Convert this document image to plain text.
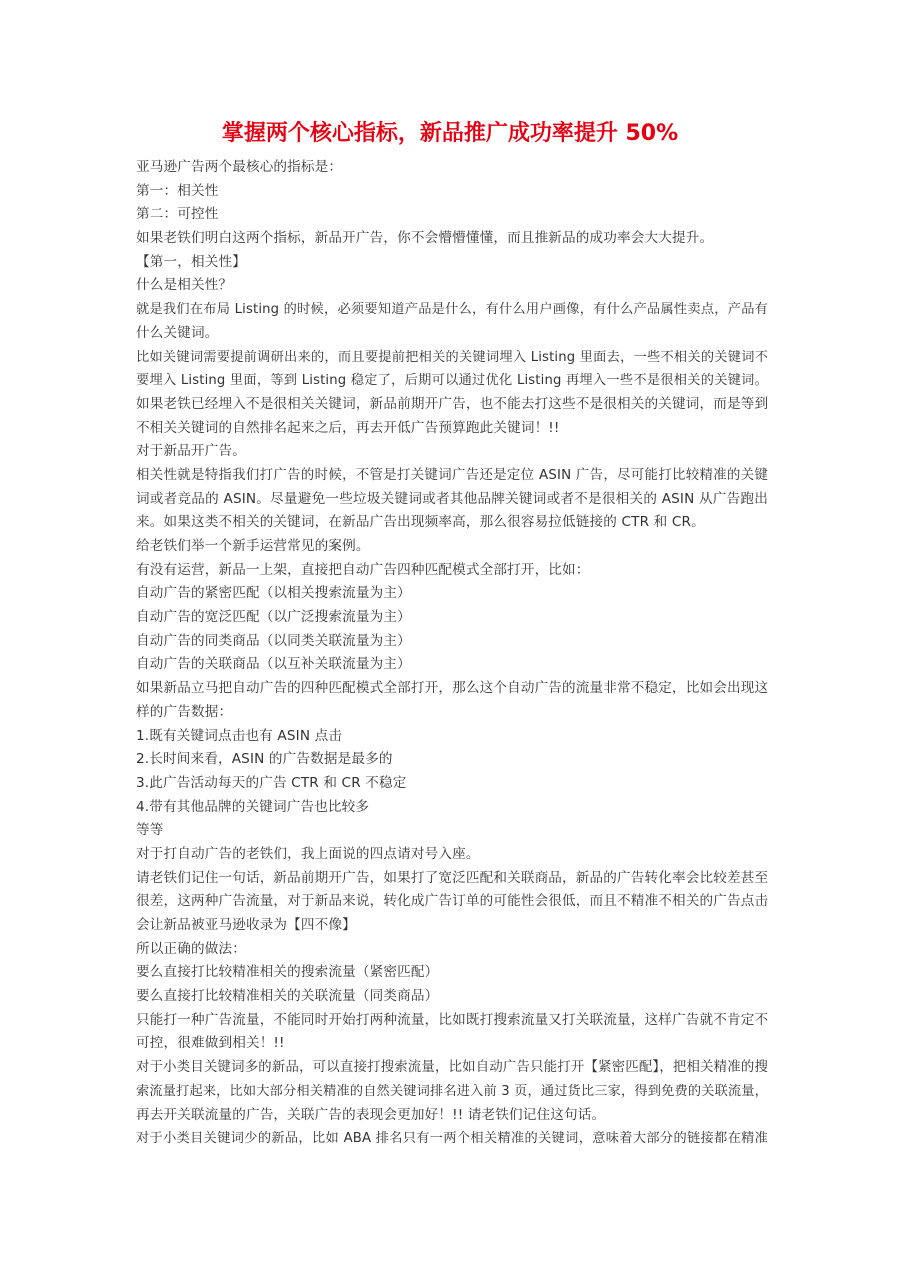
掌握两个核心指标，新品推广成功率提升 50%
亚马逊广告两个最核心的指标是：
第一：相关性
第二：可控性
如果老铁们明白这两个指标，新品开广告，你不会懵懵懂懂，而且推新品的成功率会大大提升。
【第一，相关性】
什么是相关性？
就是我们在布局 Listing 的时候，必须要知道产品是什么，有什么用户画像，有什么产品属性卖点，产品有
什么关键词。
比如关键词需要提前调研出来的，而且要提前把相关的关键词埋入 Listing 里面去，一些不相关的关键词不
要埋入 Listing 里面，等到 Listing 稳定了，后期可以通过优化 Listing 再埋入一些不是很相关的关键词。
如果老铁已经埋入不是很相关关键词，新品前期开广告，也不能去打这些不是很相关的关键词，而是等到
不相关关键词的自然排名起来之后，再去开低广告预算跑此关键词！!!
对于新品开广告。
相关性就是特指我们打广告的时候，不管是打关键词广告还是定位 ASIN 广告，尽可能打比较精准的关键
词或者竞品的 ASIN。尽量避免一些垃圾关键词或者其他品牌关键词或者不是很相关的 ASIN 从广告跑出
来。如果这类不相关的关键词，在新品广告出现频率高，那么很容易拉低链接的 CTR 和 CR。
给老铁们举一个新手运营常见的案例。
有没有运营，新品一上架，直接把自动广告四种匹配模式全部打开，比如：
自动广告的紧密匹配（以相关搜索流量为主）
自动广告的宽泛匹配（以广泛搜索流量为主）
自动广告的同类商品（以同类关联流量为主）
自动广告的关联商品（以互补关联流量为主）
如果新品立马把自动广告的四种匹配模式全部打开，那么这个自动广告的流量非常不稳定，比如会出现这
样的广告数据：
1.既有关键词点击也有 ASIN 点击
2.长时间来看，ASIN 的广告数据是最多的
3.此广告活动每天的广告 CTR 和 CR 不稳定
4.带有其他品牌的关键词广告也比较多
等等
对于打自动广告的老铁们，我上面说的四点请对号入座。
请老铁们记住一句话，新品前期开广告，如果打了宽泛匹配和关联商品，新品的广告转化率会比较差甚至
很差，这两种广告流量，对于新品来说，转化成广告订单的可能性会很低，而且不精准不相关的广告点击
会让新品被亚马逊收录为【四不像】
所以正确的做法：
要么直接打比较精准相关的搜索流量（紧密匹配）
要么直接打比较精准相关的关联流量（同类商品）
只能打一种广告流量，不能同时开始打两种流量，比如既打搜索流量又打关联流量，这样广告就不肯定不
可控，很难做到相关！!!
对于小类目关键词多的新品，可以直接打搜索流量，比如自动广告只能打开【紧密匹配】，把相关精准的搜
索流量打起来，比如大部分相关精准的自然关键词排名进入前 3 页，通过货比三家，得到免费的关联流量，
再去开关联流量的广告，关联广告的表现会更加好！!! 请老铁们记住这句话。
对于小类目关键词少的新品，比如 ABA 排名只有一两个相关精准的关键词，意味着大部分的链接都在精准
